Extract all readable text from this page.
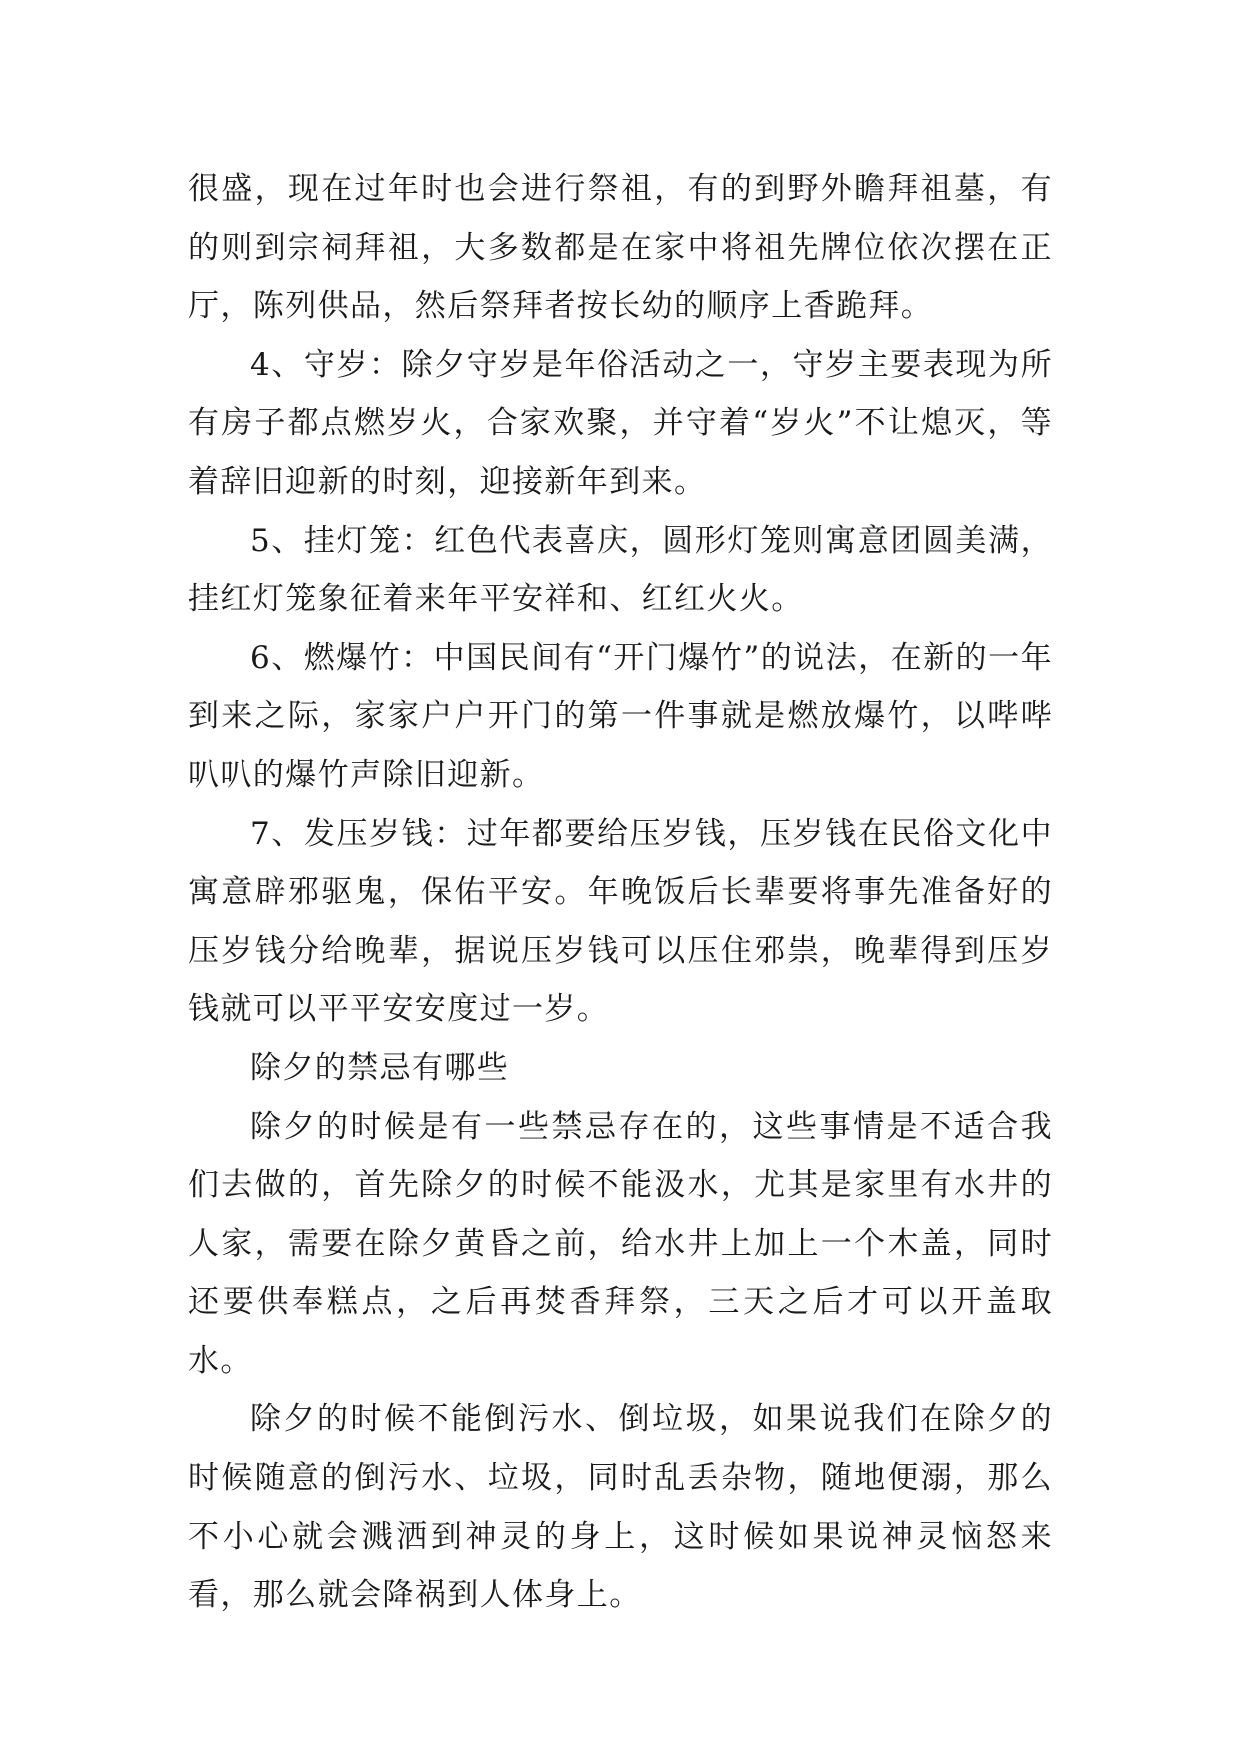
很盛，现在过年时也会进行祭祖，有的到野外瞻拜祖墓，有的则到宗祠拜祖，大多数都是在家中将祖先牌位依次摆在正厅，陈列供品，然后祭拜者按长幼的顺序上香跪拜。

4、守岁：除夕守岁是年俗活动之一，守岁主要表现为所有房子都点燃岁火，合家欢聚，并守着“岁火”不让熄灭，等着辞旧迎新的时刻，迎接新年到来。

5、挂灯笼：红色代表喜庆，圆形灯笼则寓意团圆美满，挂红灯笼象征着来年平安祥和、红红火火。

6、燃爆竹：中国民间有“开门爆竹”的说法，在新的一年到来之际，家家户户开门的第一件事就是燃放爆竹，以哔哔叭叭的爆竹声除旧迎新。

7、发压岁钱：过年都要给压岁钱，压岁钱在民俗文化中寓意辟邪驱鬼，保佑平安。年晚饭后长辈要将事先准备好的压岁钱分给晚辈，据说压岁钱可以压住邪祟，晚辈得到压岁钱就可以平平安安度过一岁。

除夕的禁忌有哪些

除夕的时候是有一些禁忌存在的，这些事情是不适合我们去做的，首先除夕的时候不能汲水，尤其是家里有水井的人家，需要在除夕黄昏之前，给水井上加上一个木盖，同时还要供奉糕点，之后再焚香拜祭，三天之后才可以开盖取水。

除夕的时候不能倒污水、倒垃圾，如果说我们在除夕的时候随意的倒污水、垃圾，同时乱丢杂物，随地便溺，那么不小心就会溅洒到神灵的身上，这时候如果说神灵恼怒来看，那么就会降祸到人体身上。
